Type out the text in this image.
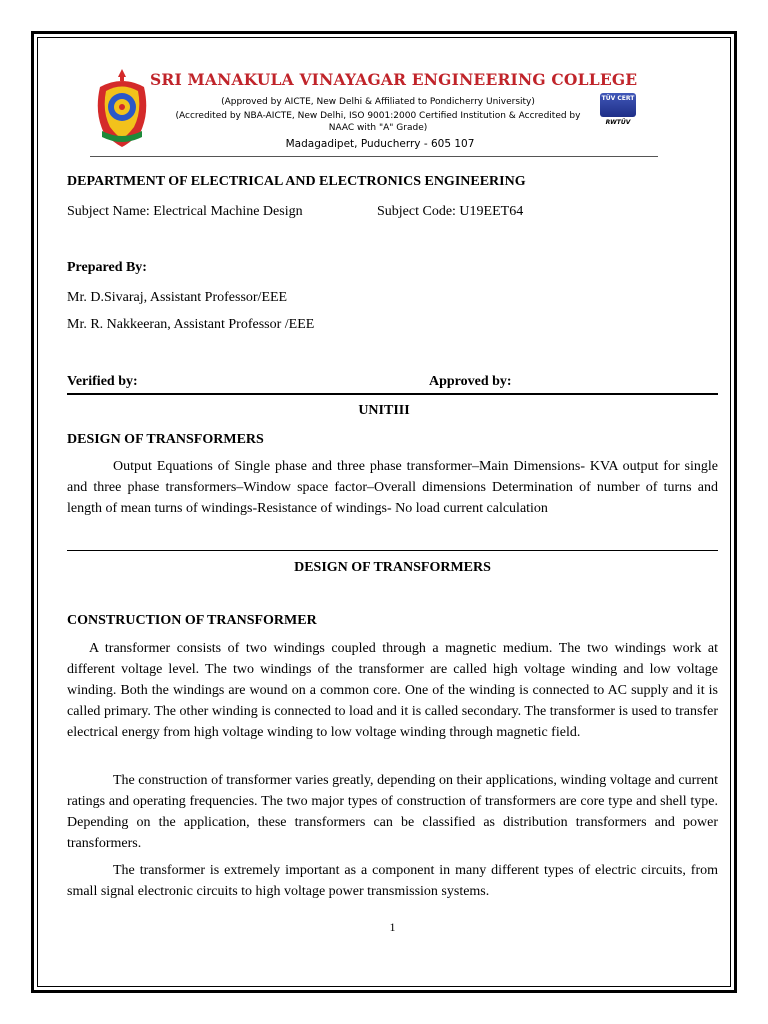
SRI MANAKULA VINAYAGAR ENGINEERING COLLEGE
(Approved by AICTE, New Delhi & Affiliated to Pondicherry University)
(Accredited by NBA-AICTE, New Delhi, ISO 9001:2000 Certified Institution & Accredited by NAAC with "A" Grade)
Madagadipet, Puducherry - 605 107
TÜV CERT
RWTÜV
DEPARTMENT OF ELECTRICAL AND ELECTRONICS ENGINEERING
Subject Name: Electrical Machine Design	Subject Code: U19EET64
Prepared By:
Mr. D.Sivaraj, Assistant Professor/EEE
Mr. R. Nakkeeran, Assistant Professor /EEE
Verified by:	Approved by:
UNITIII
DESIGN OF TRANSFORMERS

Output Equations of Single phase and three phase transformer–Main Dimensions- KVA output for single and three phase transformers–Window space factor–Overall dimensions Determination of number of turns and length of mean turns of windings-Resistance of windings- No load current calculation

DESIGN OF TRANSFORMERS
CONSTRUCTION OF TRANSFORMER

A transformer consists of two windings coupled through a magnetic medium. The two windings work at different voltage level. The two windings of the transformer are called high voltage winding and low voltage winding. Both the windings are wound on a common core. One of the winding is connected to AC supply and it is called primary. The other winding is connected to load and it is called secondary. The transformer is used to transfer electrical energy from high voltage winding to low voltage winding through magnetic field.

The construction of transformer varies greatly, depending on their applications, winding voltage and current ratings and operating frequencies. The two major types of construction of transformers are core type and shell type. Depending on the application, these transformers can be classified as distribution transformers and power transformers.

The transformer is extremely important as a component in many different types of electric circuits, from small signal electronic circuits to high voltage power transmission systems.

1
